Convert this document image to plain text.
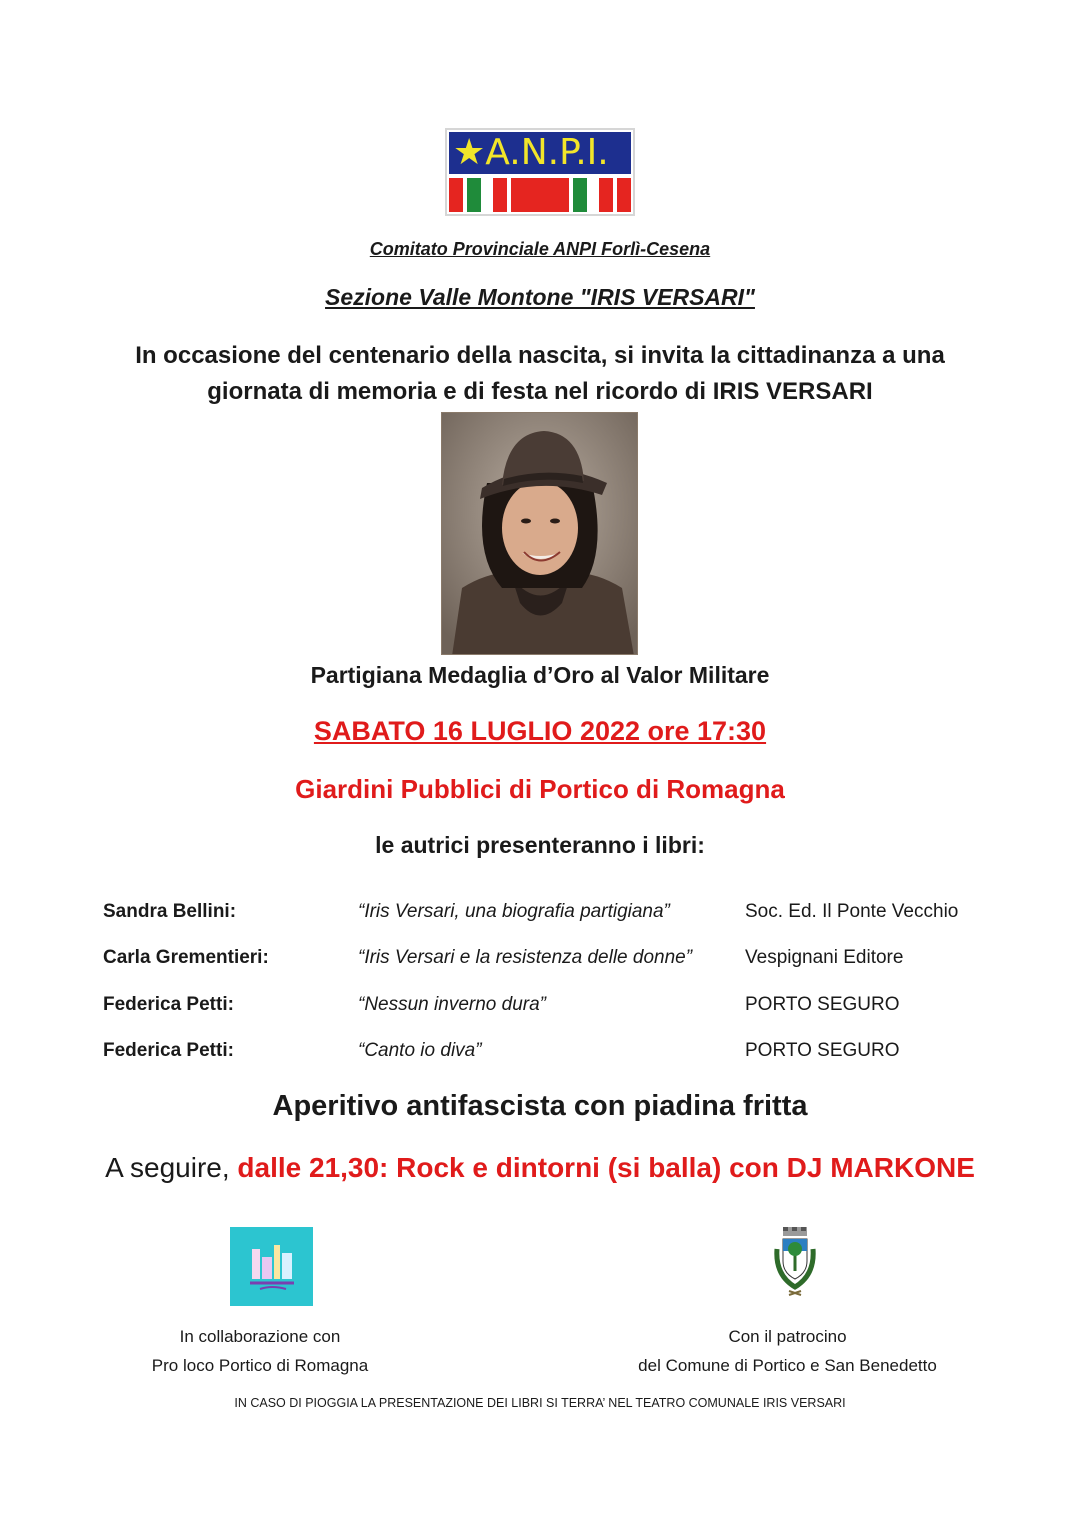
★A.N.P.I.
Comitato Provinciale ANPI Forlì-Cesena
Sezione Valle Montone "IRIS VERSARI"
In occasione del centenario della nascita, si invita la cittadinanza a una
giornata di memoria e di festa nel ricordo di IRIS VERSARI
Partigiana Medaglia d’Oro al Valor Militare
SABATO 16 LUGLIO 2022 ore 17:30
Giardini Pubblici di Portico di Romagna
le autrici presenteranno i libri:
Sandra Bellini:	“Iris Versari, una biografia partigiana”	Soc. Ed. Il Ponte Vecchio
Carla Grementieri:	“Iris Versari e la resistenza delle donne”	Vespignani Editore
Federica Petti:	“Nessun inverno dura”	PORTO SEGURO
Federica Petti:	“Canto io diva”	PORTO SEGURO
Aperitivo antifascista con piadina fritta
A seguire, dalle 21,30: Rock e dintorni (si balla) con DJ MARKONE
In collaborazione con
Pro loco Portico di Romagna
Con il patrocino
del Comune di Portico e San Benedetto
IN CASO DI PIOGGIA LA PRESENTAZIONE DEI LIBRI SI TERRA’ NEL TEATRO COMUNALE IRIS VERSARI
